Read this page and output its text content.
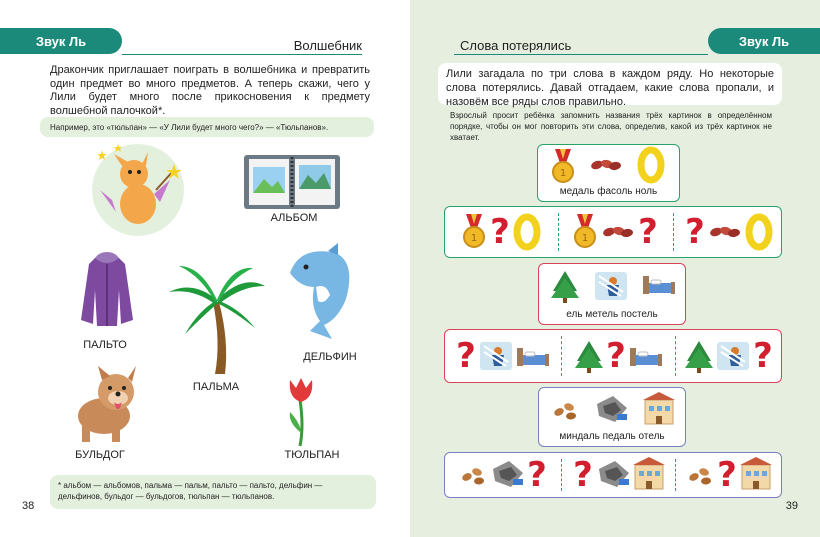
Звук Ль	Волшебник
Дракончик приглашает поиграть в волшебника и превратить один предмет во много предметов. А теперь скажи, чего у Лили будет много после прикосновения к предмету волшебной палочкой*.
Например, это «тюльпан» — «У Лили будет много чего?» — «Тюльпанов».
АЛЬБОМ
ПАЛЬТО
ПАЛЬМА
ДЕЛЬФИН
БУЛЬДОГ	ТЮЛЬПАН
* альбом — альбомов, пальма — пальм, пальто — пальто, дельфин — дельфинов, бульдог — бульдогов, тюльпан — тюльпанов.
38
Звук Ль
Слова потерялись
Лили загадала по три слова в каждом ряду. Но некоторые слова потерялись. Давай отгадаем, какие слова пропали, и назовём все ряды слов правильно.
Взрослый просит ребёнка запомнить названия трёх картинок в определённом порядке, чтобы он мог повторить эти слова, определив, какой из трёх картинок не хватает.
медаль фасоль ноль
?	? ?
ель метель постель
?	?	?
миндаль педаль отель
? ?	?
39
